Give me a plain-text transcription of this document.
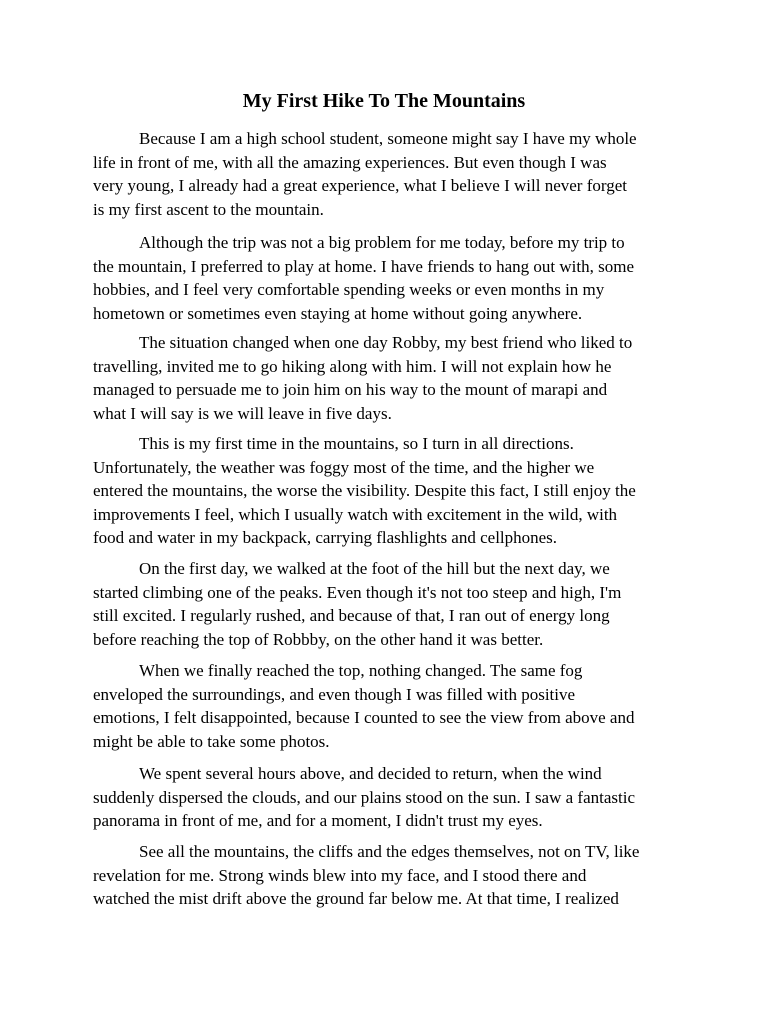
My First Hike To The Mountains
Because I am a high school student, someone might say I have my whole
life in front of me, with all the amazing experiences. But even though I was
very young, I already had a great experience, what I believe I will never forget
is my first ascent to the mountain.
Although the trip was not a big problem for me today, before my trip to
the mountain, I preferred to play at home. I have friends to hang out with, some
hobbies, and I feel very comfortable spending weeks or even months in my
hometown or sometimes even staying at home without going anywhere.
The situation changed when one day Robby, my best friend who liked to
travelling, invited me to go hiking along with him. I will not explain how he
managed to persuade me to join him on his way to the mount of marapi and
what I will say is we will leave in five days.
This is my first time in the mountains, so I turn in all directions.
Unfortunately, the weather was foggy most of the time, and the higher we
entered the mountains, the worse the visibility. Despite this fact, I still enjoy the
improvements I feel, which I usually watch with excitement in the wild, with
food and water in my backpack, carrying flashlights and cellphones.
On the first day, we walked at the foot of the hill but the next day, we
started climbing one of the peaks. Even though it's not too steep and high, I'm
still excited. I regularly rushed, and because of that, I ran out of energy long
before reaching the top of Robbby, on the other hand it was better.
When we finally reached the top, nothing changed. The same fog
enveloped the surroundings, and even though I was filled with positive
emotions, I felt disappointed, because I counted to see the view from above and
might be able to take some photos.
We spent several hours above, and decided to return, when the wind
suddenly dispersed the clouds, and our plains stood on the sun. I saw a fantastic
panorama in front of me, and for a moment, I didn't trust my eyes.
See all the mountains, the cliffs and the edges themselves, not on TV, like
revelation for me. Strong winds blew into my face, and I stood there and
watched the mist drift above the ground far below me. At that time, I realized
